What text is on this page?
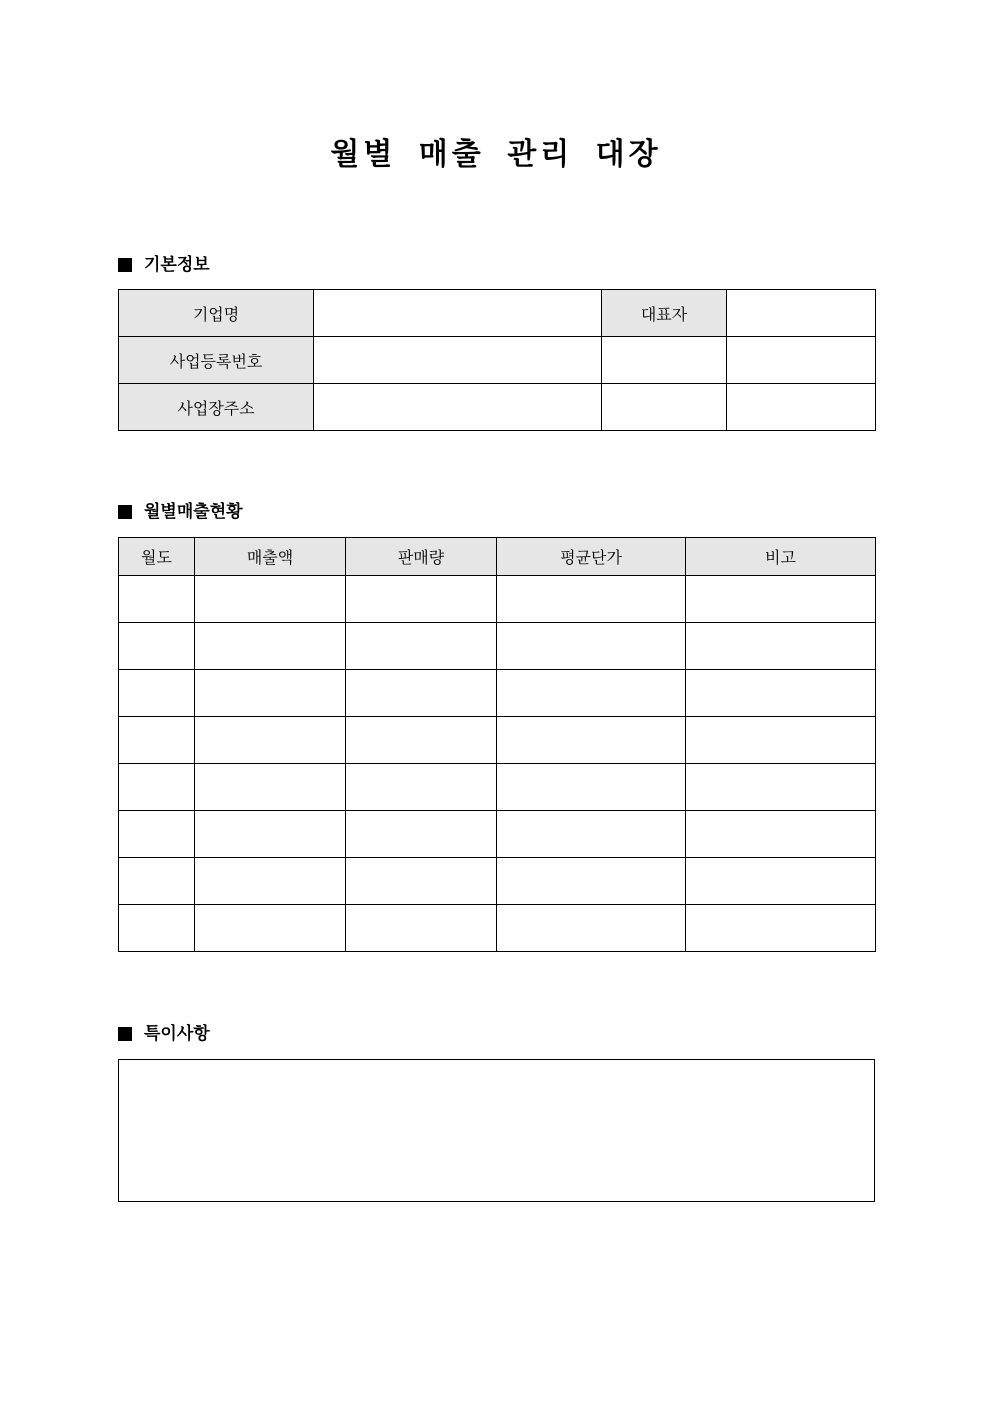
월별 매출 관리 대장
기본정보
기업명		대표자	
사업등록번호			
사업장주소			
월별매출현황
월도	매출액	판매량	평균단가	비고

특이사항
